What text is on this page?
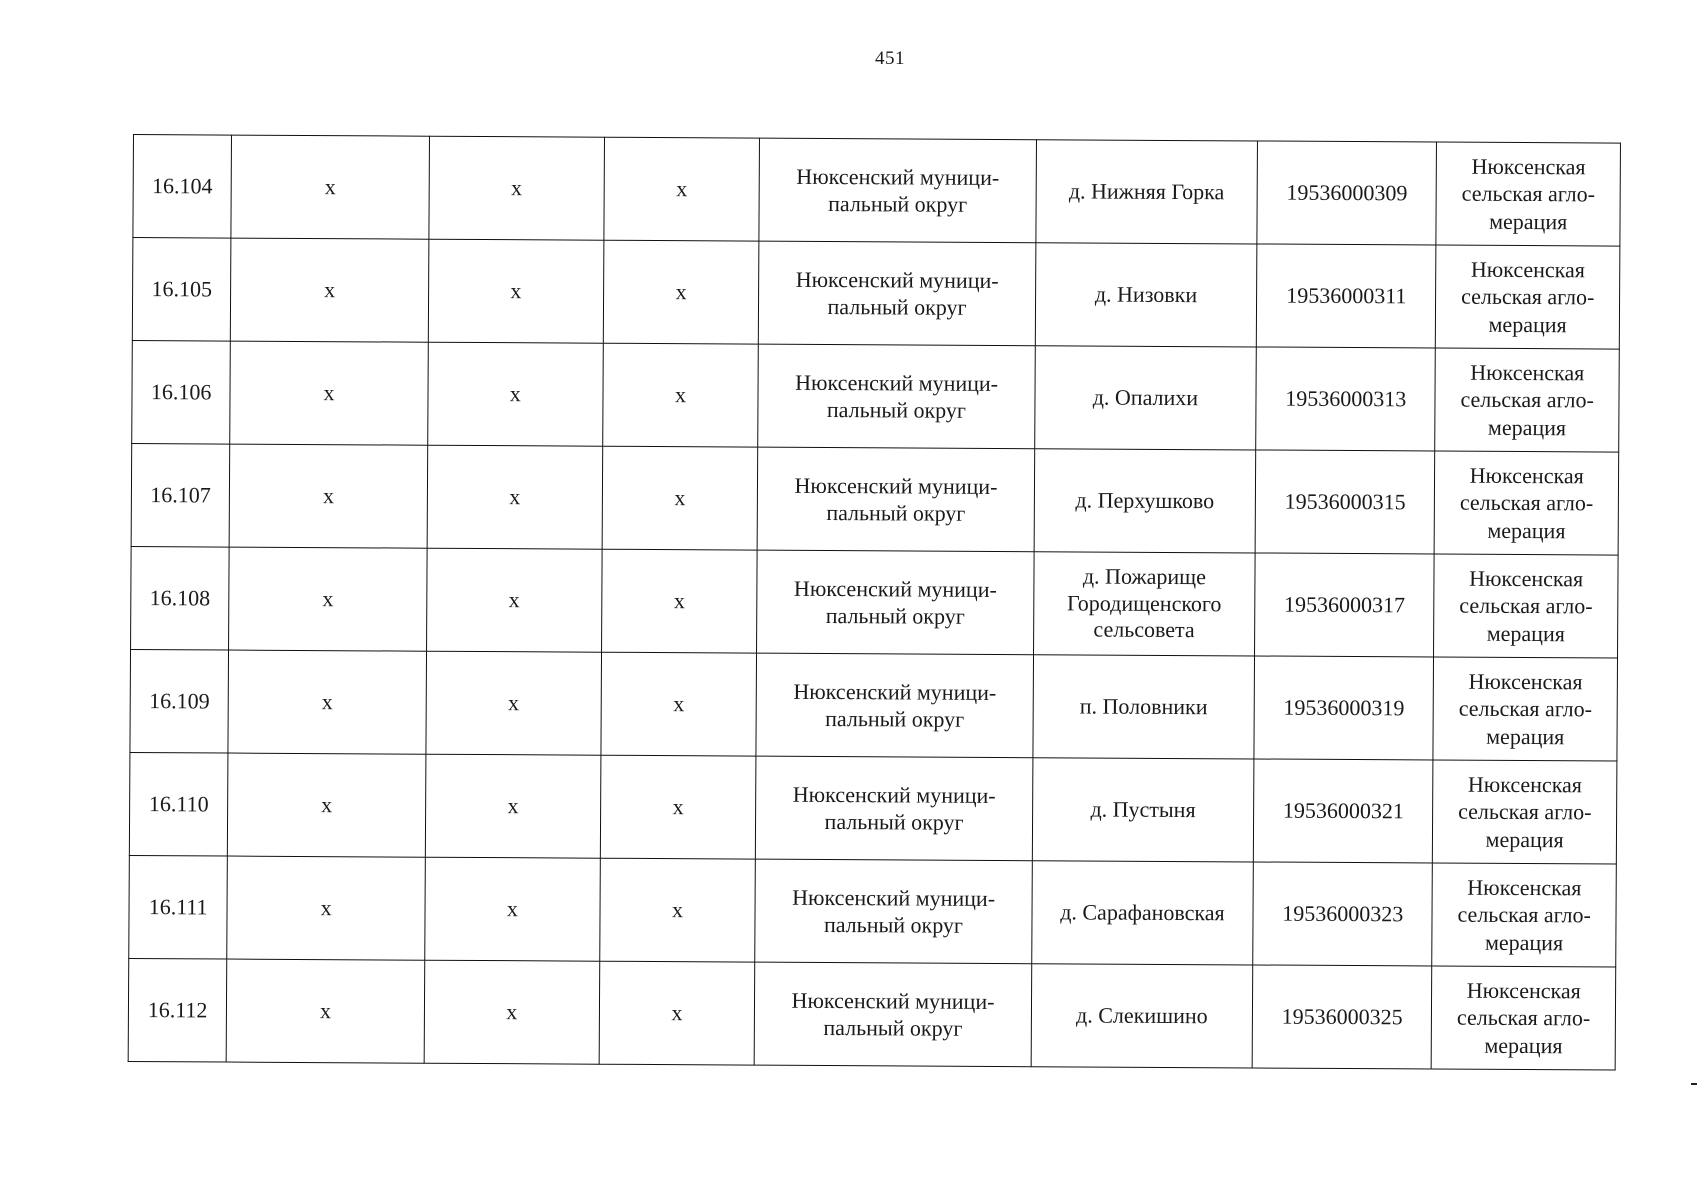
451
16.104	x	x	x	Нюксенский муници-
пальный округ	д. Нижняя Горка	19536000309	Нюксенская
сельская агло-
мерация
16.105	x	x	x	Нюксенский муници-
пальный округ	д. Низовки	19536000311	Нюксенская
сельская агло-
мерация
16.106	x	x	x	Нюксенский муници-
пальный округ	д. Опалихи	19536000313	Нюксенская
сельская агло-
мерация
16.107	x	x	x	Нюксенский муници-
пальный округ	д. Перхушково	19536000315	Нюксенская
сельская агло-
мерация
16.108	x	x	x	Нюксенский муници-
пальный округ	д. Пожарище
Городищенского
сельсовета	19536000317	Нюксенская
сельская агло-
мерация
16.109	x	x	x	Нюксенский муници-
пальный округ	п. Половники	19536000319	Нюксенская
сельская агло-
мерация
16.110	x	x	x	Нюксенский муници-
пальный округ	д. Пустыня	19536000321	Нюксенская
сельская агло-
мерация
16.111	x	x	x	Нюксенский муници-
пальный округ	д. Сарафановская	19536000323	Нюксенская
сельская агло-
мерация
16.112	x	x	x	Нюксенский муници-
пальный округ	д. Слекишино	19536000325	Нюксенская
сельская агло-
мерация
